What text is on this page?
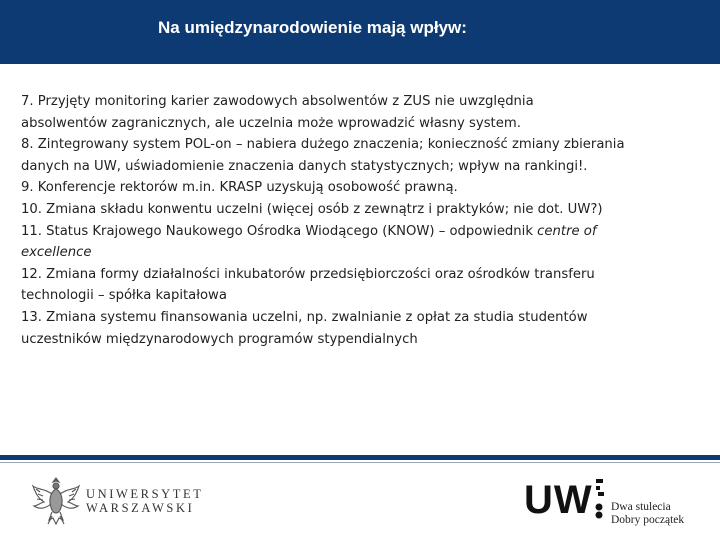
Na umiędzynarodowienie mają wpływ:
7. Przyjęty monitoring karier zawodowych absolwentów z ZUS nie uwzględnia
absolwentów zagranicznych, ale uczelnia może wprowadzić własny system.
8. Zintegrowany system POL-on – nabiera dużego znaczenia; konieczność zmiany zbierania
danych na UW, uświadomienie znaczenia danych statystycznych; wpływ na rankingi!.
9. Konferencje rektorów m.in. KRASP uzyskują osobowość prawną.
10. Zmiana składu konwentu uczelni (więcej osób z zewnątrz i praktyków; nie dot. UW?)
11. Status Krajowego Naukowego Ośrodka Wiodącego (KNOW) – odpowiednik centre of
excellence
12. Zmiana formy działalności inkubatorów przedsiębiorczości oraz ośrodków transferu
technologii – spółka kapitałowa
13. Zmiana systemu finansowania uczelni, np. zwalnianie z opłat za studia studentów
uczestników międzynarodowych programów stypendialnych
UNIWERSYTET
WARSZAWSKI	UW Dwa stulecia
Dobry początek
